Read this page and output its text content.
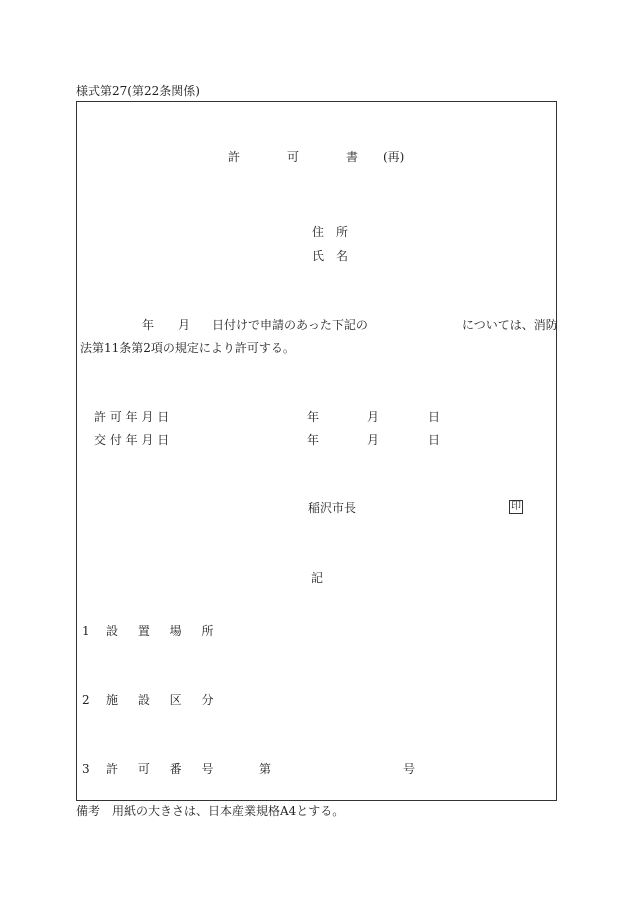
様式第27(第22条関係)
許	可	書 (再)
住　所
氏　名
年 月 日付けで申請のあった下記の	については、消防
法第11条第2項の規定により許可する。
許 可 年 月 日	年	月	日
交 付 年 月 日	年	月	日
稲沢市長	印
記
1 設 置 場 所
2 施 設 区 分
3 許 可 番 号	第	号
備考　用紙の大きさは、日本産業規格A4とする。
